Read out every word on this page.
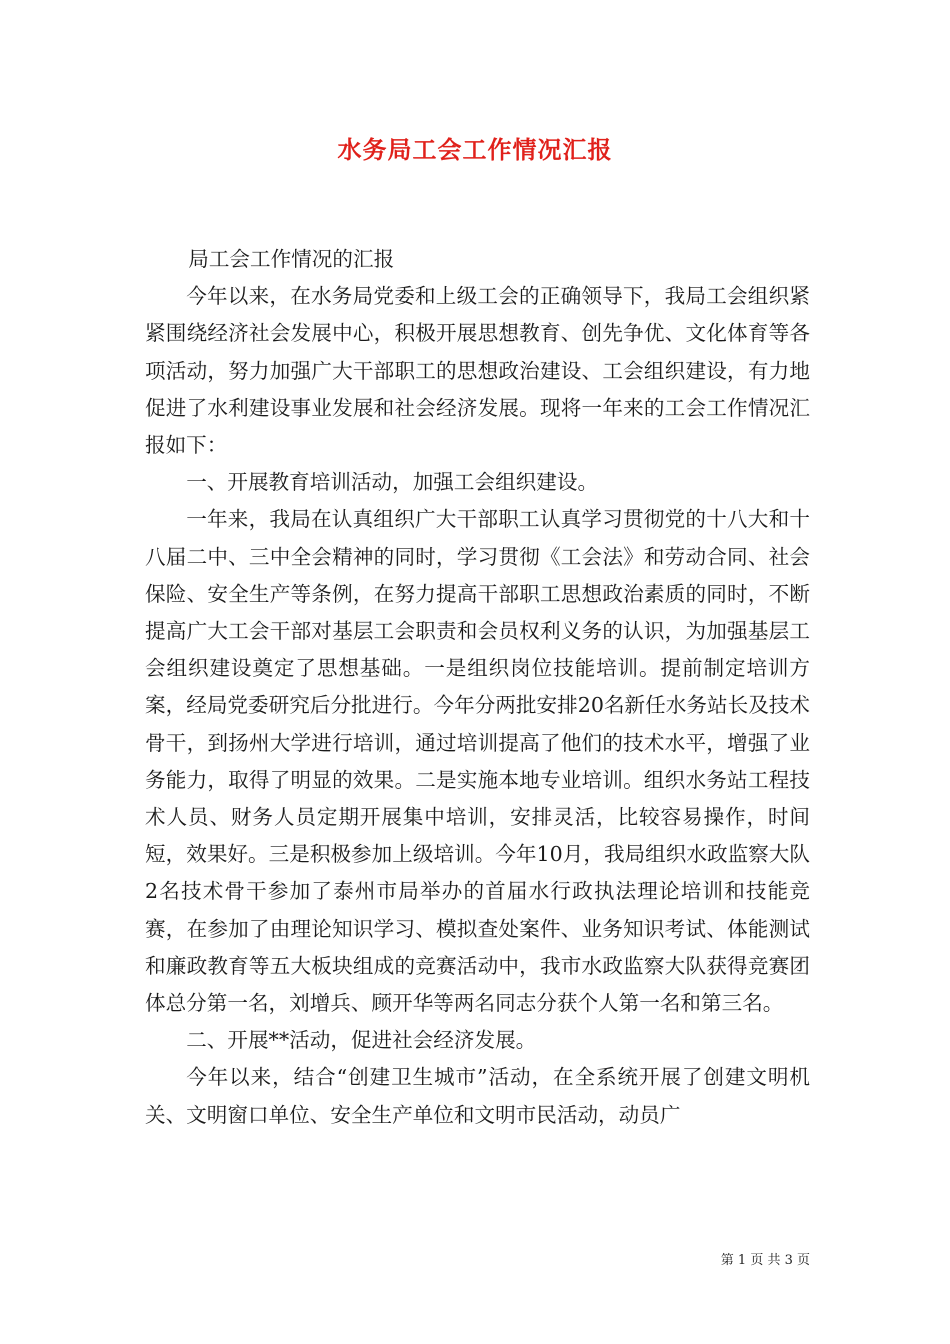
水务局工会工作情况汇报

局工会工作情况的汇报

今年以来，在水务局党委和上级工会的正确领导下，我局工会组织紧紧围绕经济社会发展中心，积极开展思想教育、创先争优、文化体育等各项活动，努力加强广大干部职工的思想政治建设、工会组织建设，有力地促进了水利建设事业发展和社会经济发展。现将一年来的工会工作情况汇报如下：

一、开展教育培训活动，加强工会组织建设。

一年来，我局在认真组织广大干部职工认真学习贯彻党的十八大和十八届二中、三中全会精神的同时，学习贯彻《工会法》和劳动合同、社会保险、安全生产等条例，在努力提高干部职工思想政治素质的同时，不断提高广大工会干部对基层工会职责和会员权利义务的认识，为加强基层工会组织建设奠定了思想基础。一是组织岗位技能培训。提前制定培训方案，经局党委研究后分批进行。今年分两批安排20名新任水务站长及技术骨干，到扬州大学进行培训，通过培训提高了他们的技术水平，增强了业务能力，取得了明显的效果。二是实施本地专业培训。组织水务站工程技术人员、财务人员定期开展集中培训，安排灵活，比较容易操作，时间短，效果好。三是积极参加上级培训。今年10月，我局组织水政监察大队2名技术骨干参加了泰州市局举办的首届水行政执法理论培训和技能竞赛，在参加了由理论知识学习、模拟查处案件、业务知识考试、体能测试和廉政教育等五大板块组成的竞赛活动中，我市水政监察大队获得竞赛团体总分第一名，刘增兵、顾开华等两名同志分获个人第一名和第三名。

二、开展**活动，促进社会经济发展。

今年以来，结合“创建卫生城市”活动，在全系统开展了创建文明机关、文明窗口单位、安全生产单位和文明市民活动，动员广

第 1 页 共 3 页
